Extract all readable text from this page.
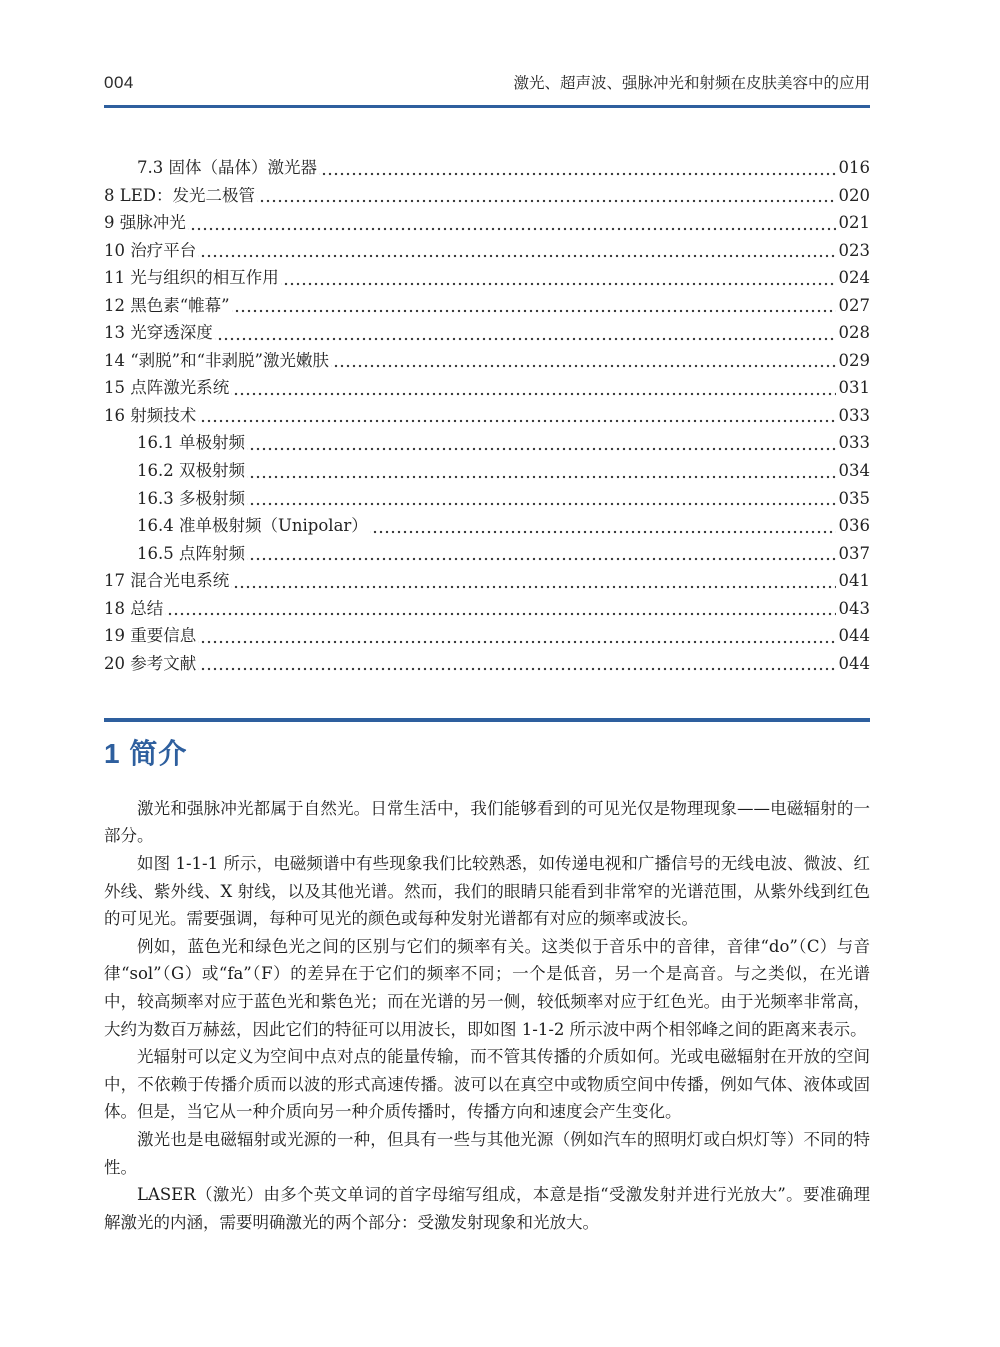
004	激光、超声波、强脉冲光和射频在皮肤美容中的应用
7.3 固体（晶体）激光器	016
8 LED：发光二极管	020
9 强脉冲光	021
10 治疗平台	023
11 光与组织的相互作用	024
12 黑色素“帷幕”	027
13 光穿透深度	028
14 “剥脱”和“非剥脱”激光嫩肤	029
15 点阵激光系统	031
16 射频技术	033
16.1 单极射频	033
16.2 双极射频	034
16.3 多极射频	035
16.4 准单极射频（Unipolar）	036
16.5 点阵射频	037
17 混合光电系统	041
18 总结	043
19 重要信息	044
20 参考文献	044
1 简介

激光和强脉冲光都属于自然光。日常生活中，我们能够看到的可见光仅是物理现象——电磁辐射的一部分。

如图 1-1-1 所示，电磁频谱中有些现象我们比较熟悉，如传递电视和广播信号的无线电波、微波、红外线、紫外线、X 射线，以及其他光谱。然而，我们的眼睛只能看到非常窄的光谱范围，从紫外线到红色的可见光。需要强调，每种可见光的颜色或每种发射光谱都有对应的频率或波长。

例如，蓝色光和绿色光之间的区别与它们的频率有关。这类似于音乐中的音律，音律“do”（C）与音律“sol”（G）或“fa”（F）的差异在于它们的频率不同；一个是低音，另一个是高音。与之类似，在光谱中，较高频率对应于蓝色光和紫色光；而在光谱的另一侧，较低频率对应于红色光。由于光频率非常高，大约为数百万赫兹，因此它们的特征可以用波长，即如图 1-1-2 所示波中两个相邻峰之间的距离来表示。

光辐射可以定义为空间中点对点的能量传输，而不管其传播的介质如何。光或电磁辐射在开放的空间中，不依赖于传播介质而以波的形式高速传播。波可以在真空中或物质空间中传播，例如气体、液体或固体。但是，当它从一种介质向另一种介质传播时，传播方向和速度会产生变化。

激光也是电磁辐射或光源的一种，但具有一些与其他光源（例如汽车的照明灯或白炽灯等）不同的特性。

LASER（激光）由多个英文单词的首字母缩写组成，本意是指“受激发射并进行光放大”。要准确理解激光的内涵，需要明确激光的两个部分：受激发射现象和光放大。
